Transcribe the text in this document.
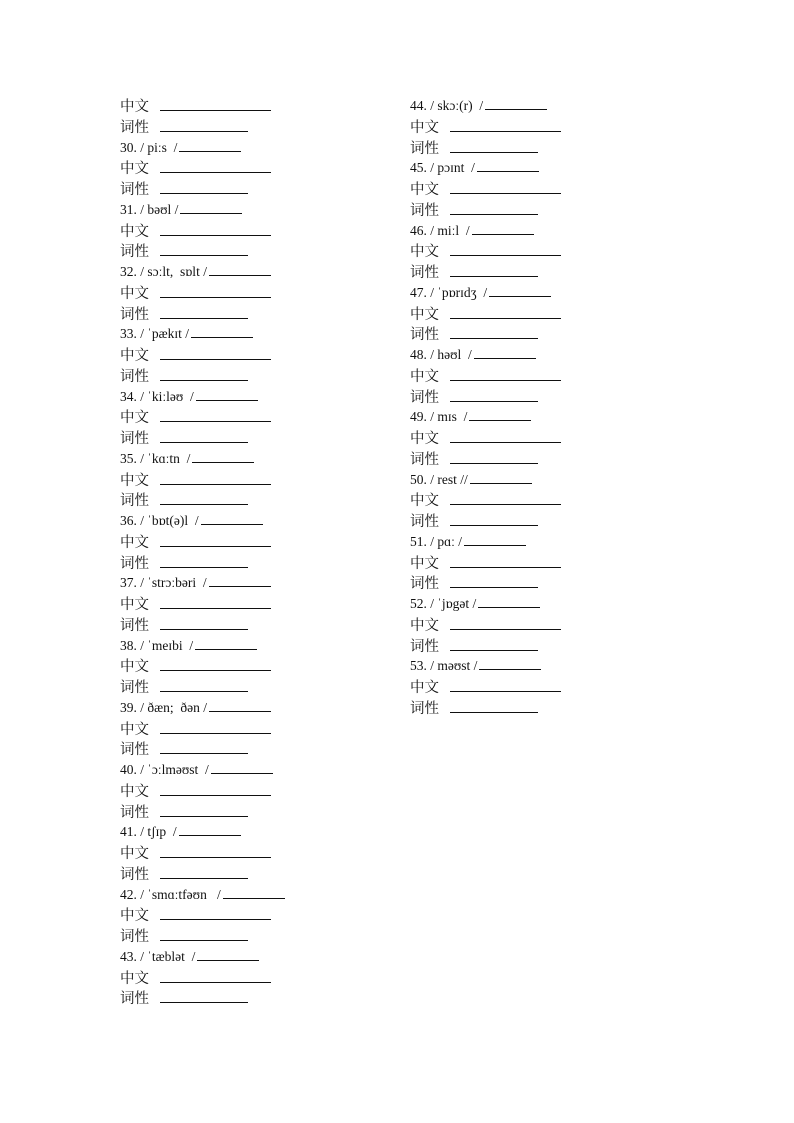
中文
词性
30. / piːs  /
中文
词性
31. / bəʊl /
中文
词性
32. / sɔːlt,  sɒlt /
中文
词性
33. / ˈpækɪt /
中文
词性
34. / ˈkiːləʊ  /
中文
词性
35. / ˈkɑːtn  /
中文
词性
36. / ˈbɒt(ə)l  /
中文
词性
37. / ˈstrɔːbəri  /
中文
词性
38. / ˈmeɪbi  /
中文
词性
39. / ðæn;  ðən /
中文
词性
40. / ˈɔːlməʊst  /
中文
词性
41. / tʃɪp  /
中文
词性
42. / ˈsmɑːtfəʊn   /
中文
词性
43. / ˈtæblət  /
中文
词性
44. / skɔː(r)  /
中文
词性
45. / pɔɪnt  /
中文
词性
46. / miːl  /
中文
词性
47. / ˈpɒrɪdʒ  /
中文
词性
48. / həʊl  /
中文
词性
49. / mɪs  /
中文
词性
50. / rest //
中文
词性
51. / pɑː /
中文
词性
52. / ˈjɒgət /
中文
词性
53. / məʊst /
中文
词性
